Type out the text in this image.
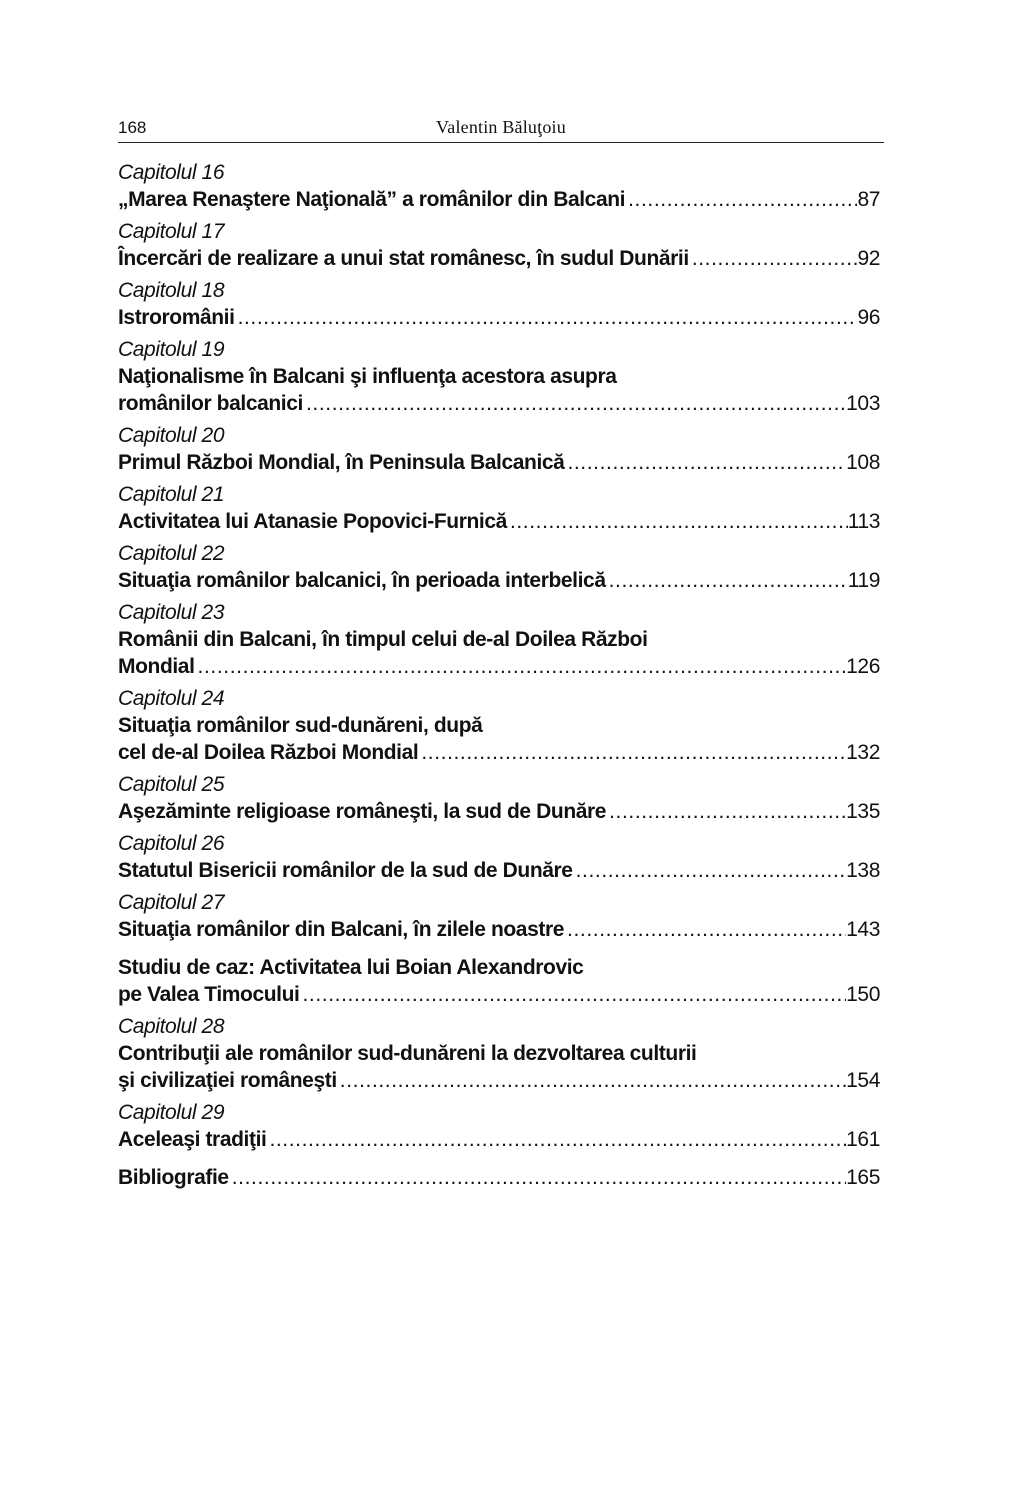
168	Valentin Băluţoiu
Capitolul 16
„Marea Renaştere Naţională” a românilor din Balcani .....	87
Capitolul 17
Încercări de realizare a unui stat românesc, în sudul Dunării .....	92
Capitolul 18
Istroromânii .....	96
Capitolul 19
Naţionalisme în Balcani şi influenţa acestora asupra
românilor balcanici .....	103
Capitolul 20
Primul Război Mondial, în Peninsula Balcanică .....	108
Capitolul 21
Activitatea lui Atanasie Popovici-Furnică .....	113
Capitolul 22
Situaţia românilor balcanici, în perioada interbelică .....	119
Capitolul 23
Românii din Balcani, în timpul celui de-al Doilea Război
Mondial .....	126
Capitolul 24
Situaţia românilor sud-dunăreni, după
cel de-al Doilea Război Mondial .....	132
Capitolul 25
Aşezăminte religioase româneşti, la sud de Dunăre .....	135
Capitolul 26
Statutul Bisericii românilor de la sud de Dunăre .....	138
Capitolul 27
Situaţia românilor din Balcani, în zilele noastre .....	143
Studiu de caz: Activitatea lui Boian Alexandrovic
pe Valea Timocului .....	150
Capitolul 28
Contribuţii ale românilor sud-dunăreni la dezvoltarea culturii
şi civilizaţiei româneşti .....	154
Capitolul 29
Aceleaşi tradiţii .....	161
Bibliografie .....	165
